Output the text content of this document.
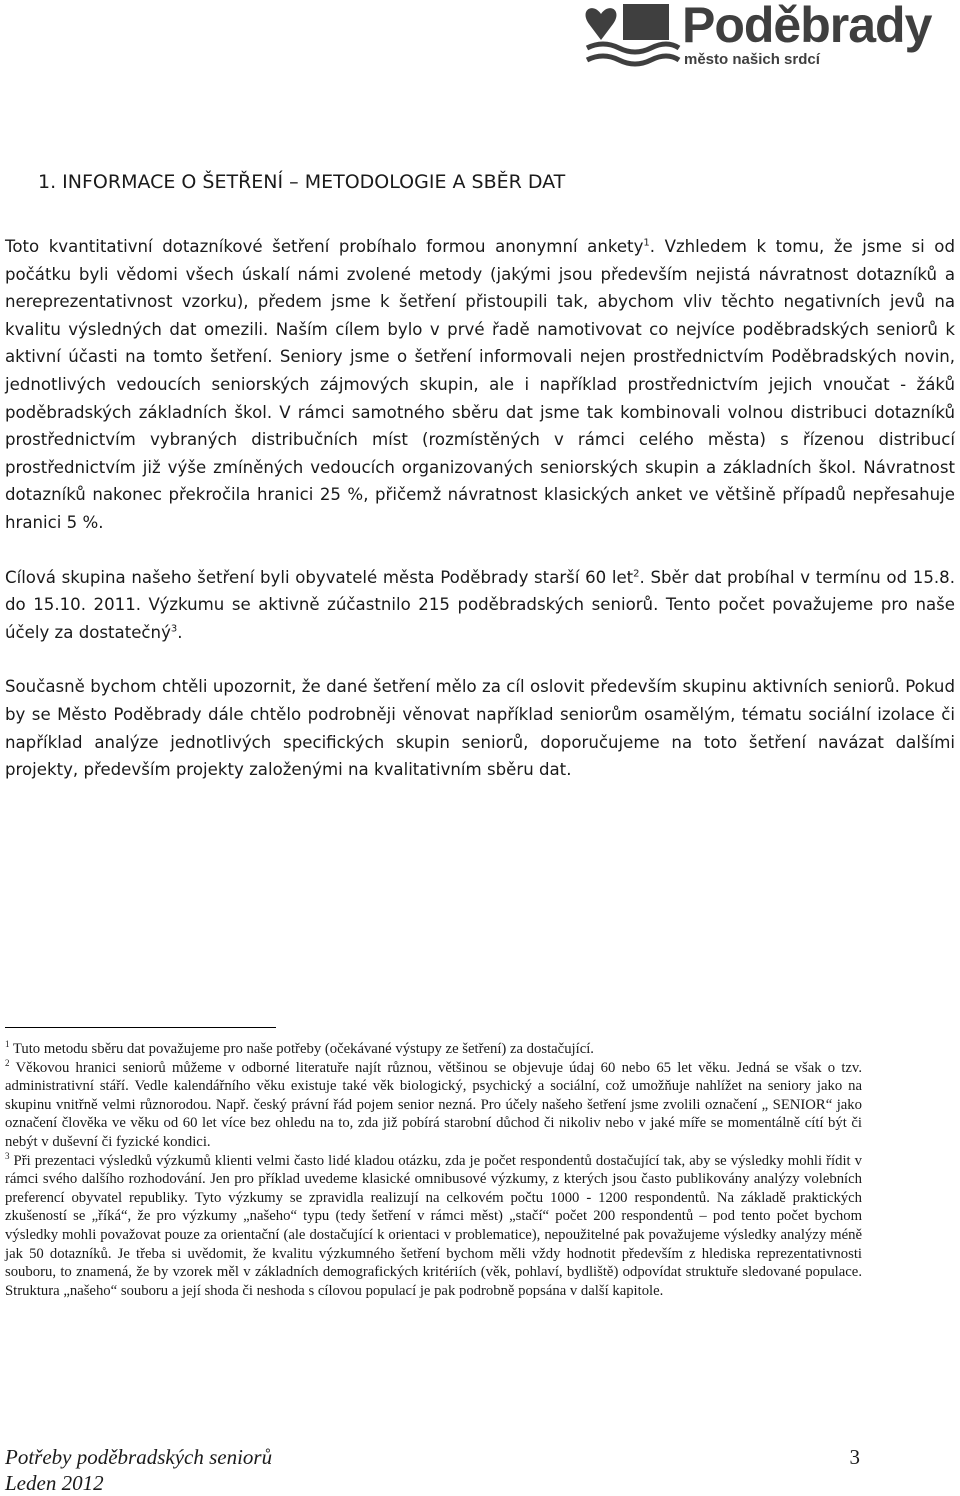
Poděbrady
město našich srdcí
1. INFORMACE O ŠETŘENÍ – METODOLOGIE A SBĚR DAT

Toto kvantitativní dotazníkové šetření probíhalo formou anonymní ankety$^1$. Vzhledem k tomu, že jsme si od počátku byli vědomi všech úskalí námi zvolené metody (jakými jsou především nejistá návratnost dotazníků a nereprezentativnost vzorku), předem jsme k šetření přistoupili tak, abychom vliv těchto negativních jevů na kvalitu výsledných dat omezili. Naším cílem bylo v prvé řadě namotivovat co nejvíce poděbradských seniorů k aktivní účasti na tomto šetření. Seniory jsme o šetření informovali nejen prostřednictvím Poděbradských novin, jednotlivých vedoucích seniorských zájmových skupin, ale i například prostřednictvím jejich vnoučat - žáků poděbradských základních škol. V rámci samotného sběru dat jsme tak kombinovali volnou distribuci dotazníků prostřednictvím vybraných distribučních míst (rozmístěných v rámci celého města) s řízenou distribucí prostřednictvím již výše zmíněných vedoucích organizovaných seniorských skupin a základních škol. Návratnost dotazníků nakonec překročila hranici 25 %, přičemž návratnost klasických anket ve většině případů nepřesahuje hranici 5 %.

Cílová skupina našeho šetření byli obyvatelé města Poděbrady starší 60 let$^2$. Sběr dat probíhal v termínu od 15.8. do 15.10. 2011. Výzkumu se aktivně zúčastnilo 215 poděbradských seniorů. Tento počet považujeme pro naše účely za dostatečný$^3$.

Současně bychom chtěli upozornit, že dané šetření mělo za cíl oslovit především skupinu aktivních seniorů. Pokud by se Město Poděbrady dále chtělo podrobněji věnovat například seniorům osamělým, tématu sociální izolace či například analýze jednotlivých specifických skupin seniorů, doporučujeme na toto šetření navázat dalšími projekty, především projekty založenými na kvalitativním sběru dat.

$^1$ Tuto metodu sběru dat považujeme pro naše potřeby (očekávané výstupy ze šetření) za dostačující.

$^2$ Věkovou hranici seniorů můžeme v odborné literatuře najít různou, většinou se objevuje údaj 60 nebo 65 let věku. Jedná se však o tzv. administrativní stáří. Vedle kalendářního věku existuje také věk biologický, psychický a sociální, což umožňuje nahlížet na seniory jako na skupinu vnitřně velmi různorodou. Např. český právní řád pojem senior nezná. Pro účely našeho šetření jsme zvolili označení „ SENIOR“ jako označení člověka ve věku od 60 let více bez ohledu na to, zda již pobírá starobní důchod či nikoliv nebo v jaké míře se momentálně cítí být či nebýt v duševní či fyzické kondici.

$^3$ Při prezentaci výsledků výzkumů klienti velmi často lidé kladou otázku, zda je počet respondentů dostačující tak, aby se výsledky mohli řídit v rámci svého dalšího rozhodování. Jen pro příklad uvedeme klasické omnibusové výzkumy, z kterých jsou často publikovány analýzy volebních preferencí obyvatel republiky. Tyto výzkumy se zpravidla realizují na celkovém počtu 1000 - 1200 respondentů. Na základě praktických zkušeností se „říká“, že pro výzkumy „našeho“ typu (tedy šetření v rámci měst) „stačí“ počet 200 respondentů – pod tento počet bychom výsledky mohli považovat pouze za orientační (ale dostačující k orientaci v problematice), nepoužitelné pak považujeme výsledky analýzy méně jak 50 dotazníků. Je třeba si uvědomit, že kvalitu výzkumného šetření bychom měli vždy hodnotit především z hlediska reprezentativnosti souboru, to znamená, že by vzorek měl v základních demografických kritériích (věk, pohlaví, bydliště) odpovídat struktuře sledované populace. Struktura „našeho“ souboru a její shoda či neshoda s cílovou populací je pak podrobně popsána v další kapitole.

Potřeby poděbradských seniorů
Leden 2012
3
